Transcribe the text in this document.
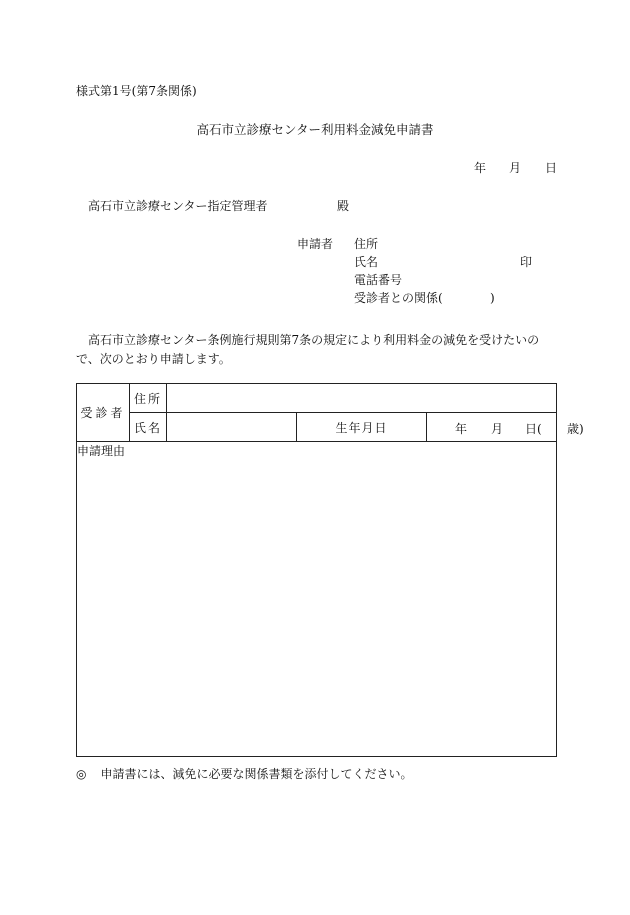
様式第1号(第7条関係)
高石市立診療センター利用料金減免申請書
年 月 日
高石市立診療センター指定管理者	殿
申請者 住所
氏名	印
電話番号
受診者との関係(	)
高石市立診療センター条例施行規則第7条の規定により利用料金の減免を受けたいので、次のとおり申請します。
受診者	住所			
	氏名		生年月日	年 月 日( 歳)

申請理由				
◎ 申請書には、減免に必要な関係書類を添付してください。
